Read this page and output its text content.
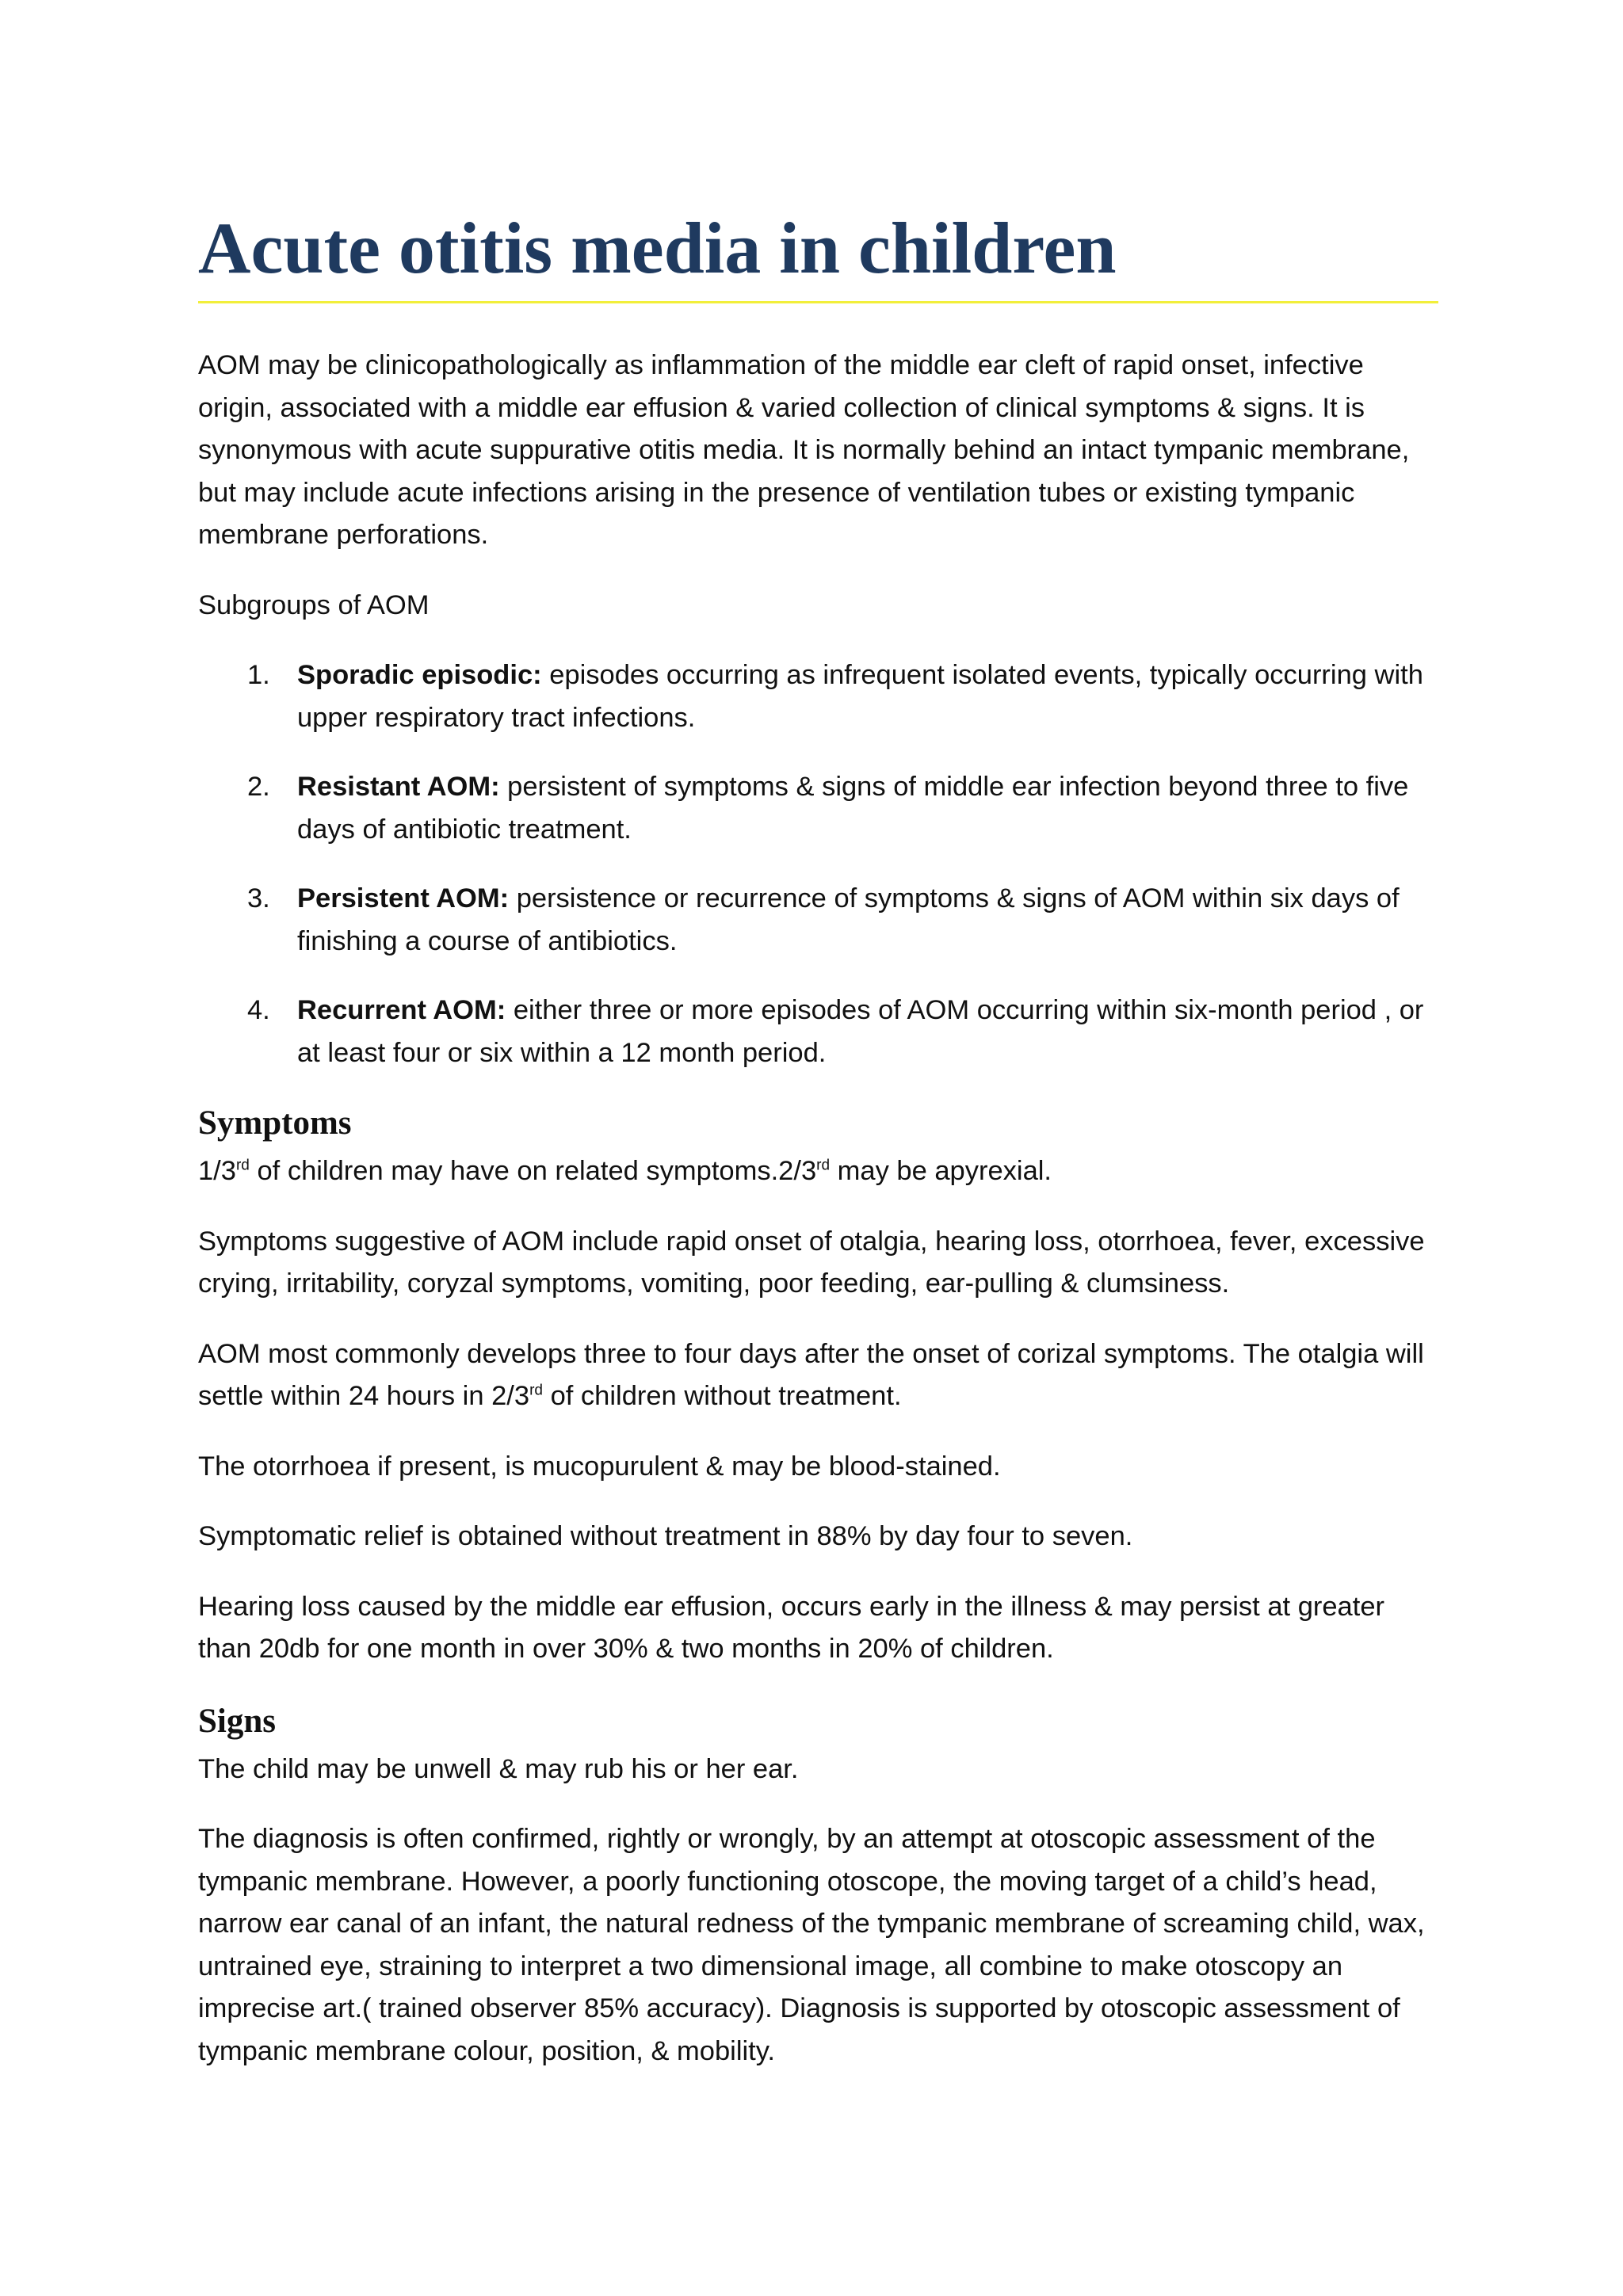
Acute otitis media in children

AOM may be clinicopathologically as inflammation of the middle ear cleft of rapid onset, infective origin, associated with a middle ear effusion & varied collection of clinical symptoms & signs. It is synonymous with acute suppurative otitis media. It is normally behind an intact tympanic membrane, but may include acute infections arising in the presence of ventilation tubes or existing tympanic membrane perforations.

Subgroups of AOM

1. Sporadic episodic: episodes occurring as infrequent isolated events, typically occurring with upper respiratory tract infections.
2. Resistant AOM: persistent of symptoms & signs of middle ear infection beyond three to five days of antibiotic treatment.
3. Persistent AOM: persistence or recurrence of symptoms & signs of AOM within six days of finishing a course of antibiotics.
4. Recurrent AOM: either three or more episodes of AOM occurring within six-month period , or at least four or six within a 12 month period.
Symptoms

1/3rd of children may have on related symptoms.2/3rd may be apyrexial.

Symptoms suggestive of AOM include rapid onset of otalgia, hearing loss, otorrhoea, fever, excessive crying, irritability, coryzal symptoms, vomiting, poor feeding, ear-pulling & clumsiness.

AOM most commonly develops three to four days after the onset of corizal symptoms. The otalgia will settle within 24 hours in 2/3rd of children without treatment.

The otorrhoea if present, is mucopurulent & may be blood-stained.

Symptomatic relief is obtained without treatment in 88% by day four to seven.

Hearing loss caused by the middle ear effusion, occurs early in the illness & may persist at greater than 20db for one month in over 30% & two months in 20% of children.

Signs

The child may be unwell & may rub his or her ear.

The diagnosis is often confirmed, rightly or wrongly, by an attempt at otoscopic assessment of the tympanic membrane. However, a poorly functioning otoscope, the moving target of a child’s head, narrow ear canal of an infant, the natural redness of the tympanic membrane of screaming child, wax, untrained eye, straining to interpret a two dimensional image, all combine to make otoscopy an imprecise art.( trained observer 85% accuracy). Diagnosis is supported by otoscopic assessment of tympanic membrane colour, position, & mobility.
